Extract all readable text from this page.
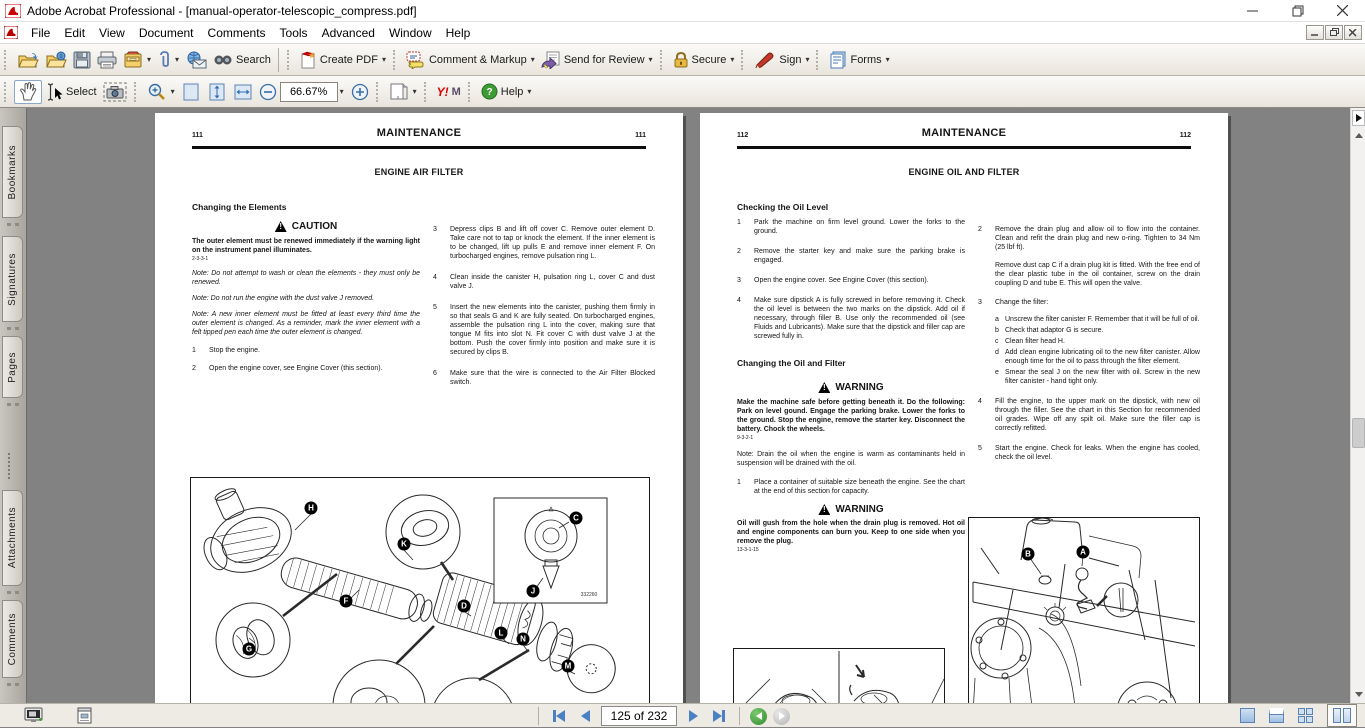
Adobe Acrobat Professional - [manual-operator-telescopic_compress.pdf]
File	Edit	View	Document	Comments	Tools	Advanced	Window	Help
▾	▾	Search	Create PDF ▾	Comment & Markup ▾	Send for Review ▾	Secure ▾	Sign ▾	Forms ▾
Select	▾	66.67% ▾	▾ Y! M	? Help ▾
Bookmarks
Signatures
Pages
Attachments
Comments
111	MAINTENANCE	111
ENGINE AIR FILTER
Changing the Elements
!
CAUTION
The outer element must be renewed immediately if the warning light on the instrument panel illuminates.
2-3-3-1
Note: Do not attempt to wash or clean the elements - they must only be renewed.
Note: Do not run the engine with the dust valve J removed.
Note: A new inner element must be fitted at least every third time the outer element is changed. As a reminder, mark the inner element with a felt tipped pen each time the outer element is changed.
1	Stop the engine.
2	Open the engine cover, see Engine Cover (this section).
3	Depress clips B and lift off cover C. Remove outer element D. Take care not to tap or knock the element. If the inner element is to be changed, lift up pulls E and remove inner element F. On turbocharged engines, remove pulsation ring L.
4	Clean inside the canister H, pulsation ring L, cover C and dust valve J.
5	Insert the new elements into the canister, pushing them firmly in so that seals G and K are fully seated. On turbocharged engines, assemble the pulsation ring L into the cover, making sure that tongue M fits into slot N. Fit cover C with dust valve J at the bottom. Push the cover firmly into position and make sure it is secured by clips B.
6	Make sure that the wire is connected to the Air Filter Blocked switch.
H
K
C
J
F
G
D
L
N
M
332260
112	MAINTENANCE	112
ENGINE OIL AND FILTER
Checking the Oil Level
1	Park the machine on firm level ground. Lower the forks to the ground.
2	Remove the starter key and make sure the parking brake is engaged.
3	Open the engine cover. See Engine Cover (this section).
4	Make sure dipstick A is fully screwed in before removing it. Check the oil level is between the two marks on the dipstick. Add oil if necessary, through filler B. Use only the recommended oil (see Fluids and Lubricants). Make sure that the dipstick and filler cap are screwed fully in.
Changing the Oil and Filter
!
WARNING
Make the machine safe before getting beneath it. Do the following: Park on level gound. Engage the parking brake. Lower the forks to the ground. Stop the engine, remove the starter key. Disconnect the battery. Chock the wheels.
9-3-2-1
Note: Drain the oil when the engine is warm as contaminants held in suspension will be drained with the oil.
1	Place a container of suitable size beneath the engine. See the chart at the end of this section for capacity.
!
WARNING
Oil will gush from the hole when the drain plug is removed. Hot oil and engine components can burn you. Keep to one side when you remove the plug.
13-3-1-15
2	Remove the drain plug and allow oil to flow into the container. Clean and refit the drain plug and new o-ring. Tighten to 34 Nm (25 lbf ft).
Remove dust cap C if a drain plug kit is fitted. With the free end of the clear plastic tube in the oil container, screw on the drain coupling D and tube E. This will open the valve.
3	Change the filter:
a Unscrew the filter canister F. Remember that it will be full of oil.
b Check that adaptor G is secure.
c Clean filter head H.
d Add clean engine lubricating oil to the new filter canister. Allow enough time for the oil to pass through the filter element.
e Smear the seal J on the new filter with oil. Screw in the new filter canister - hand tight only.
4	Fill the engine, to the upper mark on the dipstick, with new oil through the filler. See the chart in this Section for recommended oil grades. Wipe off any spilt oil. Make sure the filler cap is correctly refitted.
5	Start the engine. Check for leaks. When the engine has cooled, check the oil level.
B	A
125 of 232
